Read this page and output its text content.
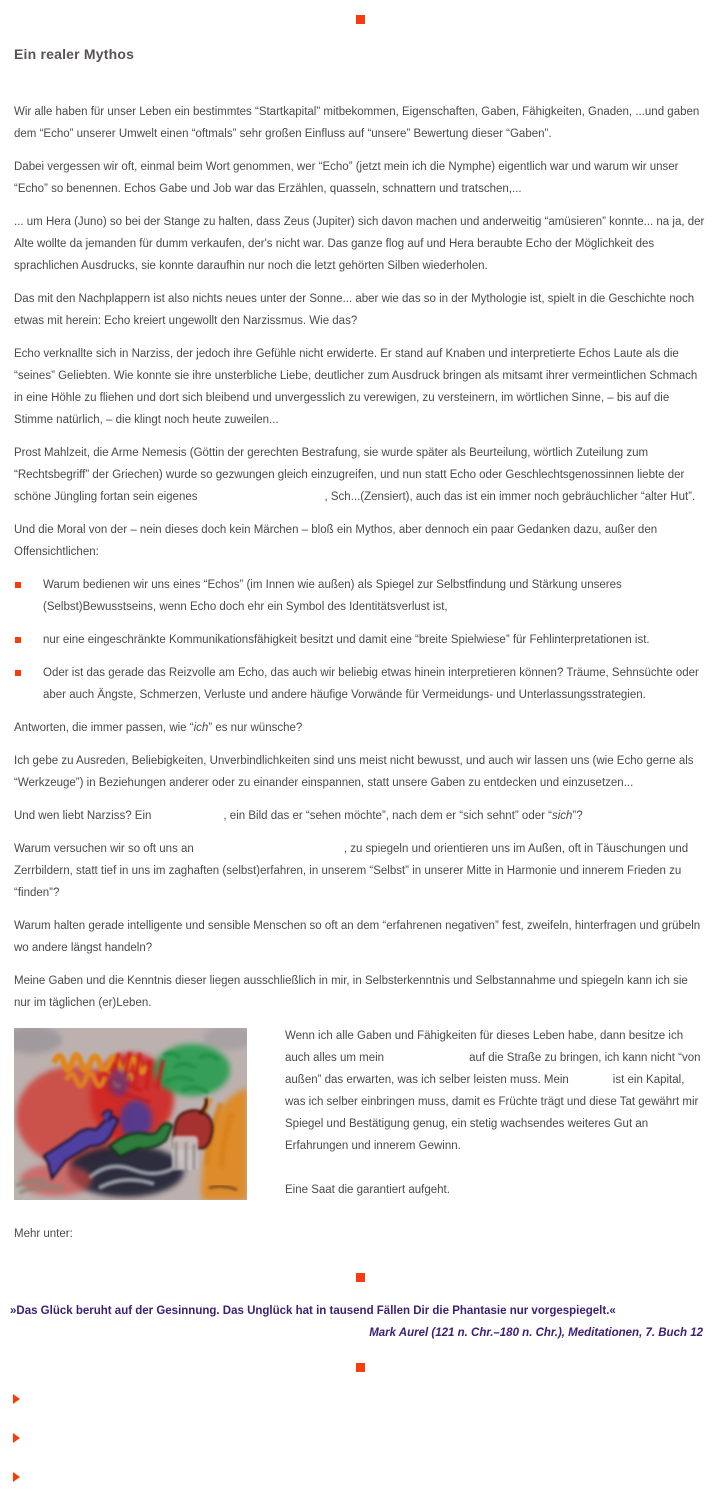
Ein realer Mythos

Wir alle haben für unser Leben ein bestimmtes “Startkapital” mitbekommen, Eigenschaften, Gaben, Fähigkeiten, Gnaden, ...und gaben dem “Echo” unserer Umwelt einen “oftmals” sehr großen Einfluss auf “unsere” Bewertung dieser “Gaben”.

Dabei vergessen wir oft, einmal beim Wort genommen, wer “Echo” (jetzt mein ich die Nymphe) eigentlich war und warum wir unser “Echo” so benennen. Echos Gabe und Job war das Erzählen, quasseln, schnattern und tratschen,...

... um Hera (Juno) so bei der Stange zu halten, dass Zeus (Jupiter) sich davon machen und anderweitig “amüsieren” konnte... na ja, der Alte wollte da jemanden für dumm verkaufen, der's nicht war. Das ganze flog auf und Hera beraubte Echo der Möglichkeit des sprachlichen Ausdrucks, sie konnte daraufhin nur noch die letzt gehörten Silben wiederholen.

Das mit den Nachplappern ist also nichts neues unter der Sonne... aber wie das so in der Mythologie ist, spielt in die Geschichte noch etwas mit herein: Echo kreiert ungewollt den Narzissmus. Wie das?

Echo verknallte sich in Narziss, der jedoch ihre Gefühle nicht erwiderte. Er stand auf Knaben und interpretierte Echos Laute als die “seines” Geliebten. Wie konnte sie ihre unsterbliche Liebe, deutlicher zum Ausdruck bringen als mitsamt ihrer vermeintlichen Schmach in eine Höhle zu fliehen und dort sich bleibend und unvergesslich zu verewigen, zu versteinern, im wörtlichen Sinne, – bis auf die Stimme natürlich, – die klingt noch heute zuweilen...

Prost Mahlzeit, die Arme Nemesis (Göttin der gerechten Bestrafung, sie wurde später als Beurteilung, wörtlich Zuteilung zum “Rechtsbegriff” der Griechen) wurde so gezwungen gleich einzugreifen, und nun statt Echo oder Geschlechtsgenossinnen liebte der schöne Jüngling fortan sein eigenes	, Sch...(Zensiert), auch das ist ein immer noch gebräuchlicher “alter Hut”.

Und die Moral von der – nein dieses doch kein Märchen – bloß ein Mythos, aber dennoch ein paar Gedanken dazu, außer den Offensichtlichen:

Warum bedienen wir uns eines “Echos” (im Innen wie außen) als Spiegel zur Selbstfindung und Stärkung unseres (Selbst)Bewusstseins, wenn Echo doch ehr ein Symbol des Identitätsverlust ist,

nur eine eingeschränkte Kommunikationsfähigkeit besitzt und damit eine “breite Spielwiese” für Fehlinterpretationen ist.

Oder ist das gerade das Reizvolle am Echo, das auch wir beliebig etwas hinein interpretieren können? Träume, Sehnsüchte oder aber auch Ängste, Schmerzen, Verluste und andere häufige Vorwände für Vermeidungs- und Unterlassungsstrategien.

Antworten, die immer passen, wie “ich” es nur wünsche?

Ich gebe zu Ausreden, Beliebigkeiten, Unverbindlichkeiten sind uns meist nicht bewusst, und auch wir lassen uns (wie Echo gerne als “Werkzeuge”) in Beziehungen anderer oder zu einander einspannen, statt unsere Gaben zu entdecken und einzusetzen...

Und wen liebt Narziss? Ein	, ein Bild das er “sehen möchte”, nach dem er “sich sehnt” oder “sich”?

Warum versuchen wir so oft uns an	, zu spiegeln und orientieren uns im Außen, oft in Täuschungen und Zerrbildern, statt tief in uns im zaghaften (selbst)erfahren, in unserem “Selbst” in unserer Mitte in Harmonie und innerem Frieden zu “finden”?

Warum halten gerade intelligente und sensible Menschen so oft an dem “erfahrenen negativen” fest, zweifeln, hinterfragen und grübeln wo andere längst handeln?

Meine Gaben und die Kenntnis dieser liegen ausschließlich in mir, in Selbsterkenntnis und Selbstannahme und spiegeln kann ich sie nur im täglichen (er)Leben.

Wenn ich alle Gaben und Fähigkeiten für dieses Leben habe, dann besitze ich auch alles um mein	auf die Straße zu bringen, ich kann nicht “von außen” das erwarten, was ich selber leisten muss. Mein	ist ein Kapital, was ich selber einbringen muss, damit es Früchte trägt und diese Tat gewährt mir Spiegel und Bestätigung genug, ein stetig wachsendes weiteres Gut an Erfahrungen und innerem Gewinn.

Eine Saat die garantiert aufgeht.

Mehr unter:

»Das Glück beruht auf der Gesinnung. Das Unglück hat in tausend Fällen Dir die Phantasie nur vorgespiegelt.«

Mark Aurel (121 n. Chr.–180 n. Chr.), Meditationen, 7. Buch 12
